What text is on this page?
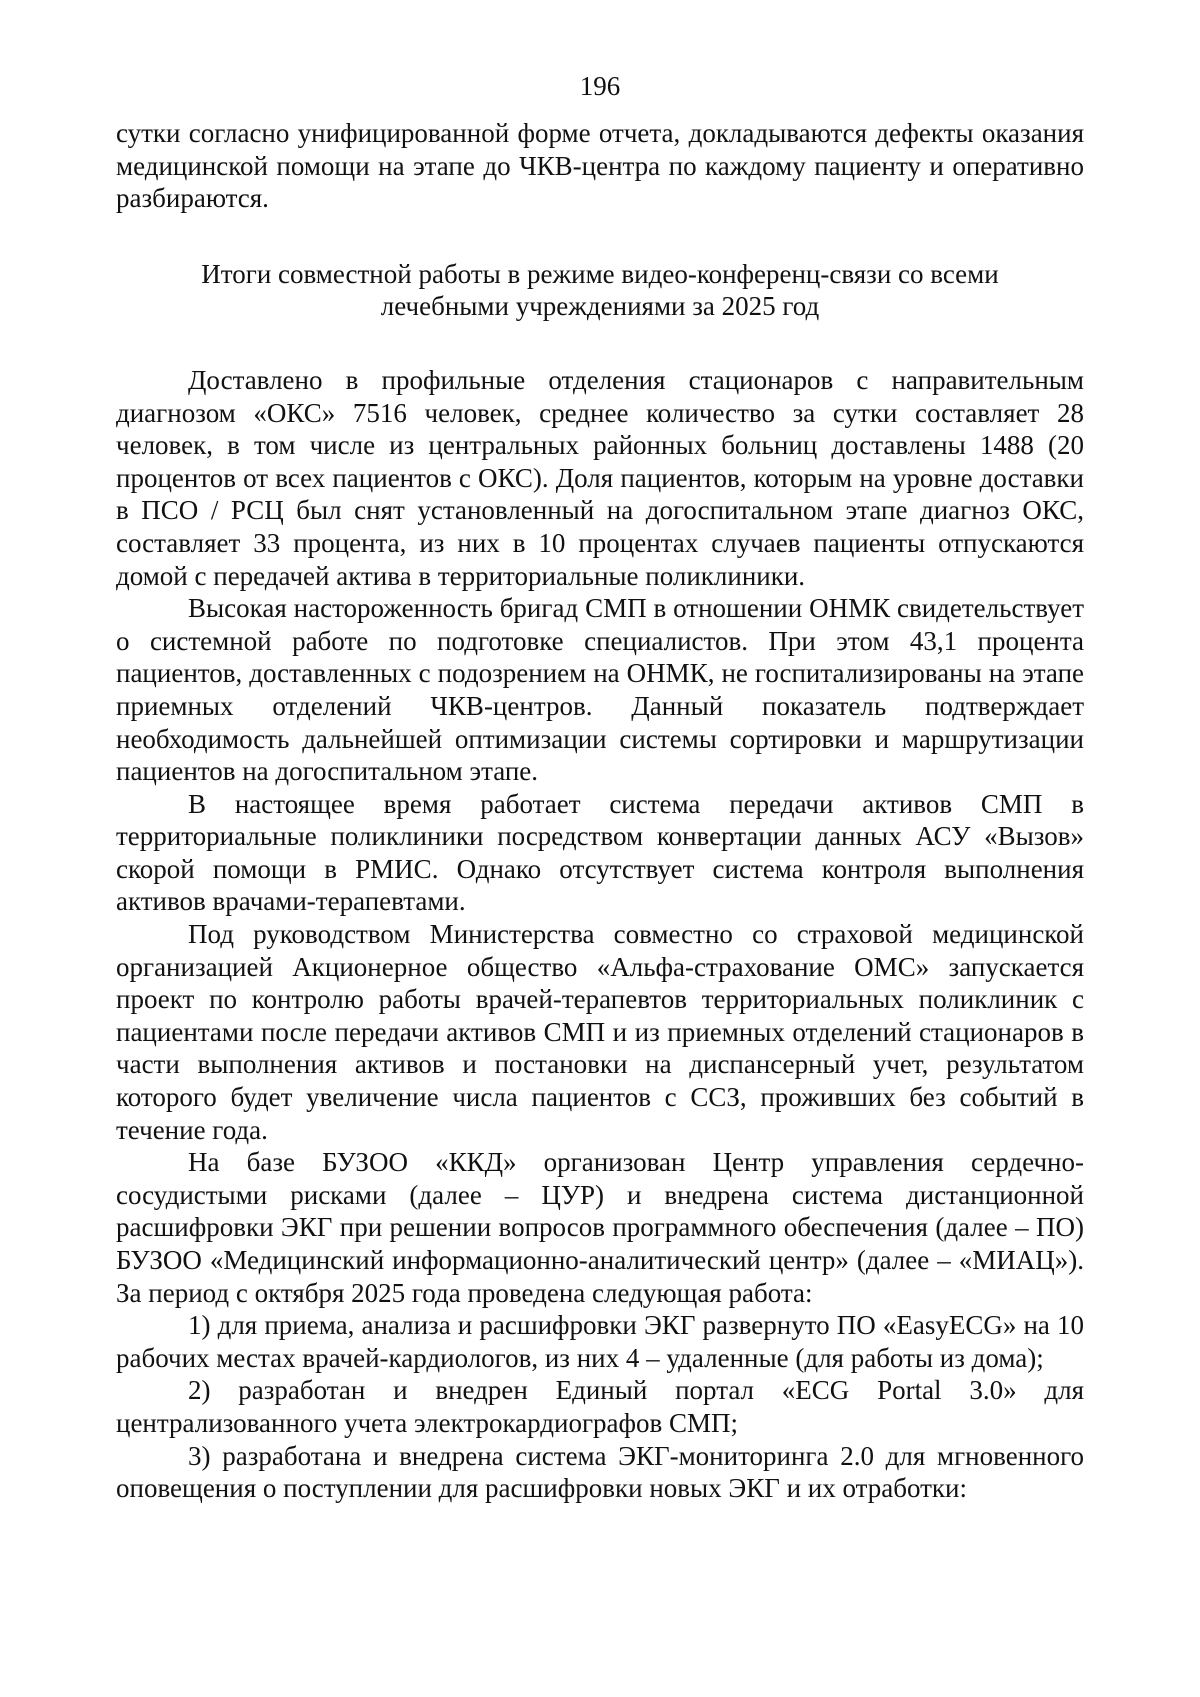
196

сутки согласно унифицированной форме отчета, докладываются дефекты оказания медицинской помощи на этапе до ЧКВ-центра по каждому пациенту и оперативно разбираются.

Итоги совместной работы в режиме видео-конференц-связи со всеми лечебными учреждениями за 2025 год

Доставлено в профильные отделения стационаров с направительным диагнозом «ОКС» 7516 человек, среднее количество за сутки составляет 28 человек, в том числе из центральных районных больниц доставлены 1488 (20 процентов от всех пациентов с ОКС). Доля пациентов, которым на уровне доставки в ПСО / РСЦ был снят установленный на догоспитальном этапе диагноз ОКС, составляет 33 процента, из них в 10 процентах случаев пациенты отпускаются домой с передачей актива в территориальные поликлиники.

Высокая настороженность бригад СМП в отношении ОНМК свидетельствует о системной работе по подготовке специалистов. При этом 43,1 процента пациентов, доставленных с подозрением на ОНМК, не госпитализированы на этапе приемных отделений ЧКВ-центров. Данный показатель подтверждает необходимость дальнейшей оптимизации системы сортировки и маршрутизации пациентов на догоспитальном этапе.

В настоящее время работает система передачи активов СМП в территориальные поликлиники посредством конвертации данных АСУ «Вызов» скорой помощи в РМИС. Однако отсутствует система контроля выполнения активов врачами-терапевтами.

Под руководством Министерства совместно со страховой медицинской организацией Акционерное общество «Альфа-страхование ОМС» запускается проект по контролю работы врачей-терапевтов территориальных поликлиник с пациентами после передачи активов СМП и из приемных отделений стационаров в части выполнения активов и постановки на диспансерный учет, результатом которого будет увеличение числа пациентов с ССЗ, проживших без событий в течение года.

На базе БУЗОО «ККД» организован Центр управления сердечно-сосудистыми рисками (далее – ЦУР) и внедрена система дистанционной расшифровки ЭКГ при решении вопросов программного обеспечения (далее – ПО) БУЗОО «Медицинский информационно-аналитический центр» (далее – «МИАЦ»). За период с октября 2025 года проведена следующая работа:

1) для приема, анализа и расшифровки ЭКГ развернуто ПО «EasyECG» на 10 рабочих местах врачей-кардиологов, из них 4 – удаленные (для работы из дома);

2) разработан и внедрен Единый портал «ECG Portal 3.0» для централизованного учета электрокардиографов СМП;

3) разработана и внедрена система ЭКГ-мониторинга 2.0 для мгновенного оповещения о поступлении для расшифровки новых ЭКГ и их отработки:
